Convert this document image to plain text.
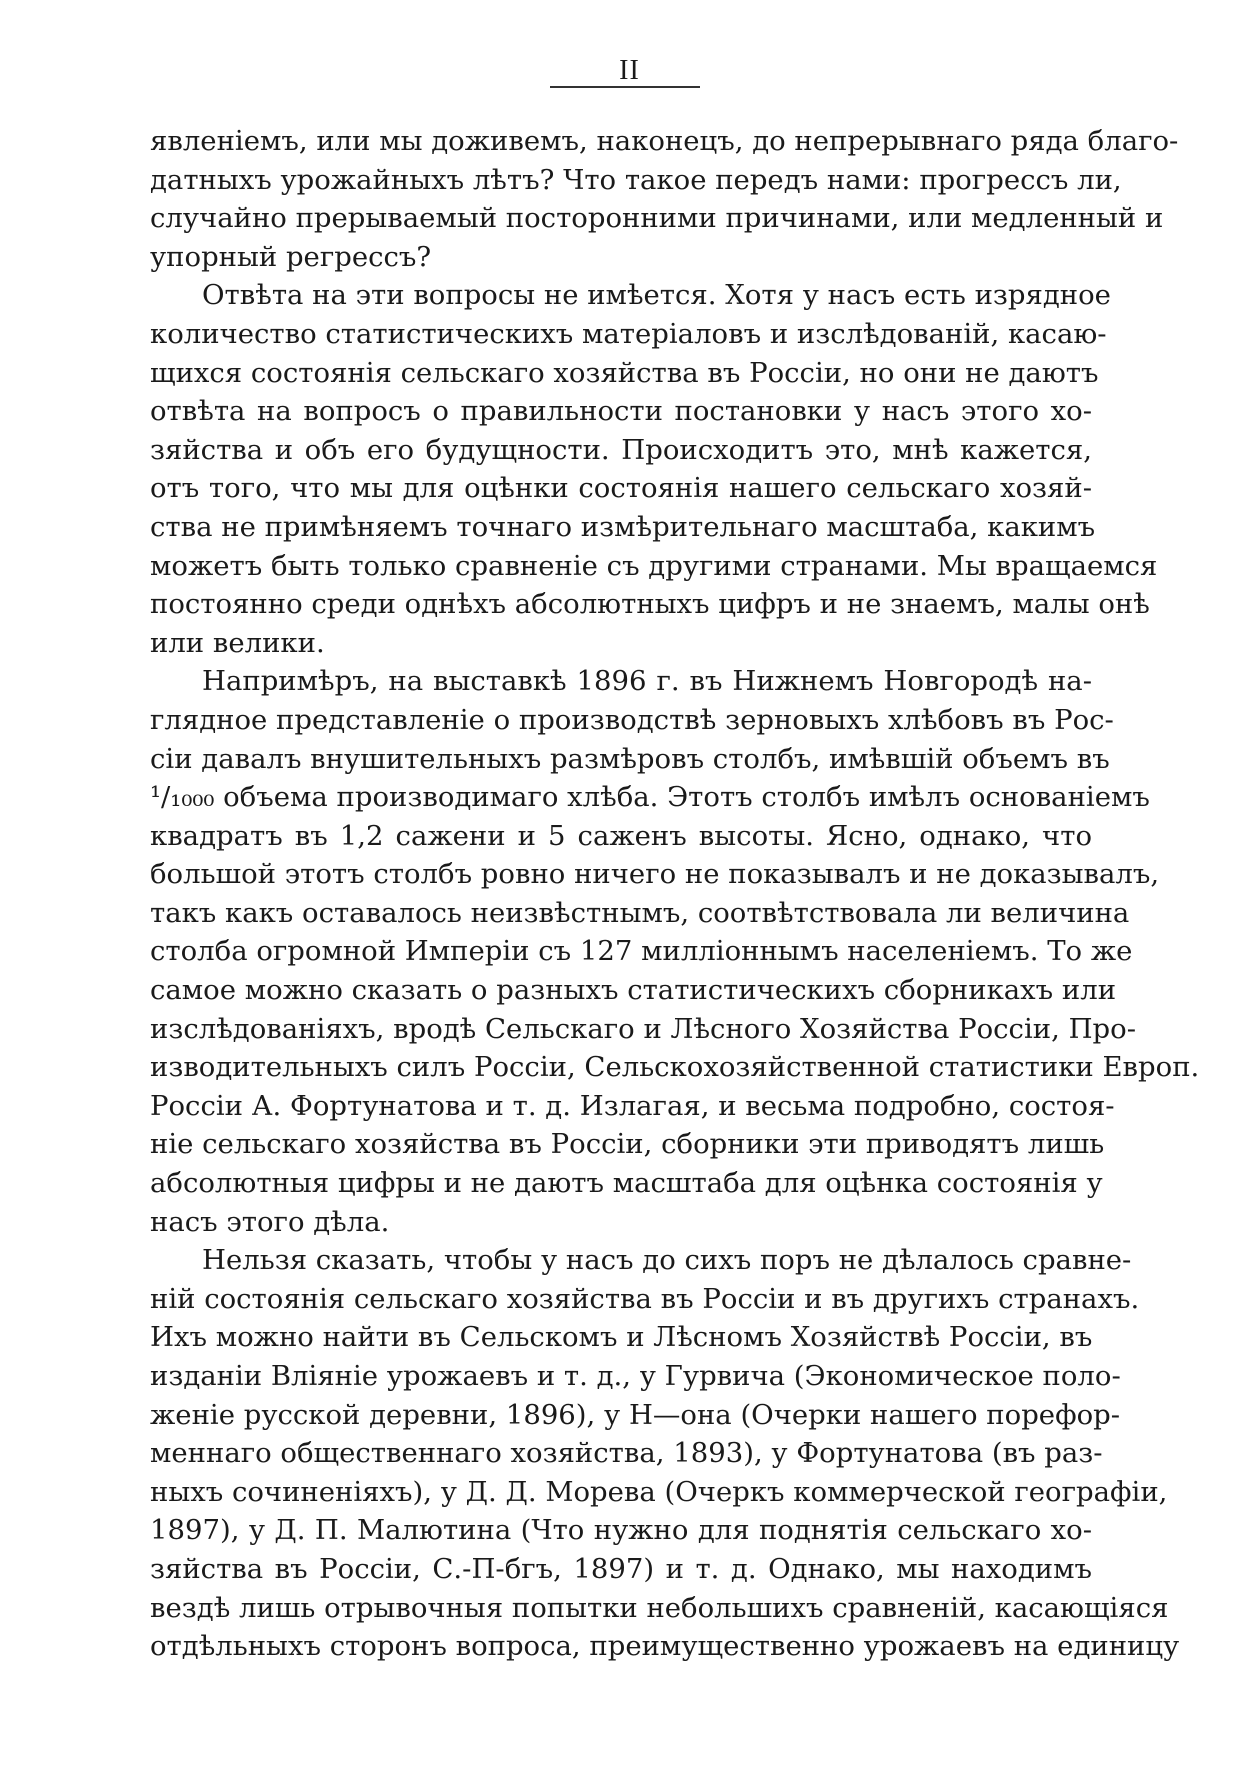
II
явленіемъ, или мы доживемъ, наконецъ, до непрерывнаго ряда благо-
датныхъ урожайныхъ лѣтъ? Что такое передъ нами: прогрессъ ли,
случайно прерываемый посторонними причинами, или медленный и
упорный регрессъ?
Отвѣта на эти вопросы не имѣется. Хотя у насъ есть изрядное
количество статистическихъ матеріаловъ и изслѣдованій, касаю-
щихся состоянія сельскаго хозяйства въ Россіи, но они не даютъ
отвѣта на вопросъ о правильности постановки у насъ этого хо-
зяйства и объ его будущности. Происходитъ это, мнѣ кажется,
отъ того, что мы для оцѣнки состоянія нашего сельскаго хозяй-
ства не примѣняемъ точнаго измѣрительнаго масштаба, какимъ
можетъ быть только сравненіе съ другими странами. Мы вращаемся
постоянно среди однѣхъ абсолютныхъ цифръ и не знаемъ, малы онѣ
или велики.
Напримѣръ, на выставкѣ 1896 г. въ Нижнемъ Новгородѣ на-
глядное представленіе о производствѣ зерновыхъ хлѣбовъ въ Рос-
сіи давалъ внушительныхъ размѣровъ столбъ, имѣвшій объемъ въ
¹/₁₀₀₀ объема производимаго хлѣба. Этотъ столбъ имѣлъ основаніемъ
квадратъ въ 1,2 сажени и 5 саженъ высоты. Ясно, однако, что
большой этотъ столбъ ровно ничего не показывалъ и не доказывалъ,
такъ какъ оставалось неизвѣстнымъ, соотвѣтствовала ли величина
столба огромной Имперіи съ 127 милліоннымъ населеніемъ. То же
самое можно сказать о разныхъ статистическихъ сборникахъ или
изслѣдованіяхъ, вродѣ Сельскаго и Лѣсного Хозяйства Россіи, Про-
изводительныхъ силъ Россіи, Сельскохозяйственной статистики Европ.
Россіи А. Фортунатова и т. д. Излагая, и весьма подробно, состоя-
ніе сельскаго хозяйства въ Россіи, сборники эти приводятъ лишь
абсолютныя цифры и не даютъ масштаба для оцѣнка состоянія у
насъ этого дѣла.
Нельзя сказать, чтобы у насъ до сихъ поръ не дѣлалось сравне-
ній состоянія сельскаго хозяйства въ Россіи и въ другихъ странахъ.
Ихъ можно найти въ Сельскомъ и Лѣсномъ Хозяйствѣ Россіи, въ
изданіи Вліяніе урожаевъ и т. д., у Гурвича (Экономическое поло-
женіе русской деревни, 1896), у Н—она (Очерки нашего порефор-
меннаго общественнаго хозяйства, 1893), у Фортунатова (въ раз-
ныхъ сочиненіяхъ), у Д. Д. Морева (Очеркъ коммерческой географіи,
1897), у Д. П. Малютина (Что нужно для поднятія сельскаго хо-
зяйства въ Россіи, С.-П-бгъ, 1897) и т. д. Однако, мы находимъ
вездѣ лишь отрывочныя попытки небольшихъ сравненій, касающіяся
отдѣльныхъ сторонъ вопроса, преимущественно урожаевъ на единицу
